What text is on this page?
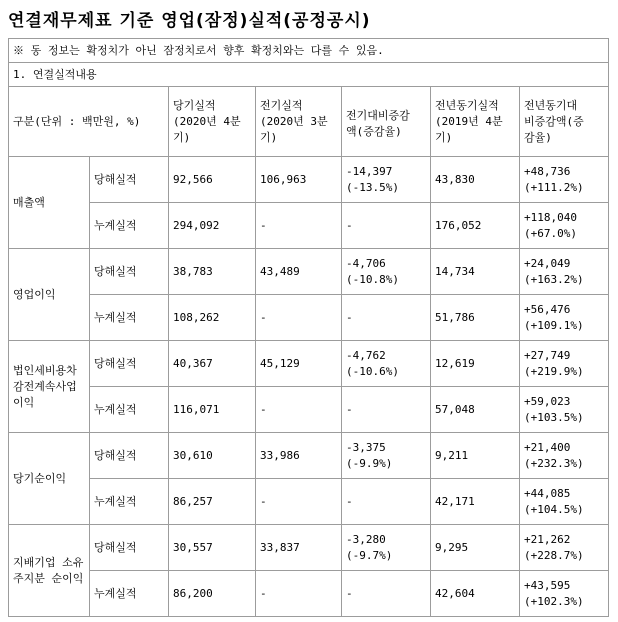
연결재무제표 기준 영업(잠정)실적(공정공시)
※ 동 정보는 확정치가 아닌 잠정치로서 향후 확정치와는 다를 수 있음.						
1. 연결실적내용						
구분(단위 : 백만원, %)		당기실적
(2020년 4분
기)	전기실적
(2020년 3분
기)	전기대비증감
액(증감율)	전년동기실적
(2019년 4분
기)	전년동기대
비증감액(증
감율)

매출액	당해실적	92,566	106,963	-14,397
(-13.5%)	43,830	+48,736
(+111.2%)

	누계실적	294,092	-	-	176,052	+118,040
(+67.0%)

영업이익	당해실적	38,783	43,489	-4,706
(-10.8%)	14,734	+24,049
(+163.2%)

	누계실적	108,262	-	-	51,786	+56,476
(+109.1%)

법인세비용차감전계속사업이익	당해실적	40,367	45,129	-4,762
(-10.6%)	12,619	+27,749
(+219.9%)

	누계실적	116,071	-	-	57,048	+59,023
(+103.5%)

당기순이익	당해실적	30,610	33,986	-3,375
(-9.9%)	9,211	+21,400
(+232.3%)

	누계실적	86,257	-	-	42,171	+44,085
(+104.5%)

지배기업 소유주지분 순이익	당해실적	30,557	33,837	-3,280
(-9.7%)	9,295	+21,262
(+228.7%)

	누계실적	86,200	-	-	42,604	+43,595
(+102.3%)
